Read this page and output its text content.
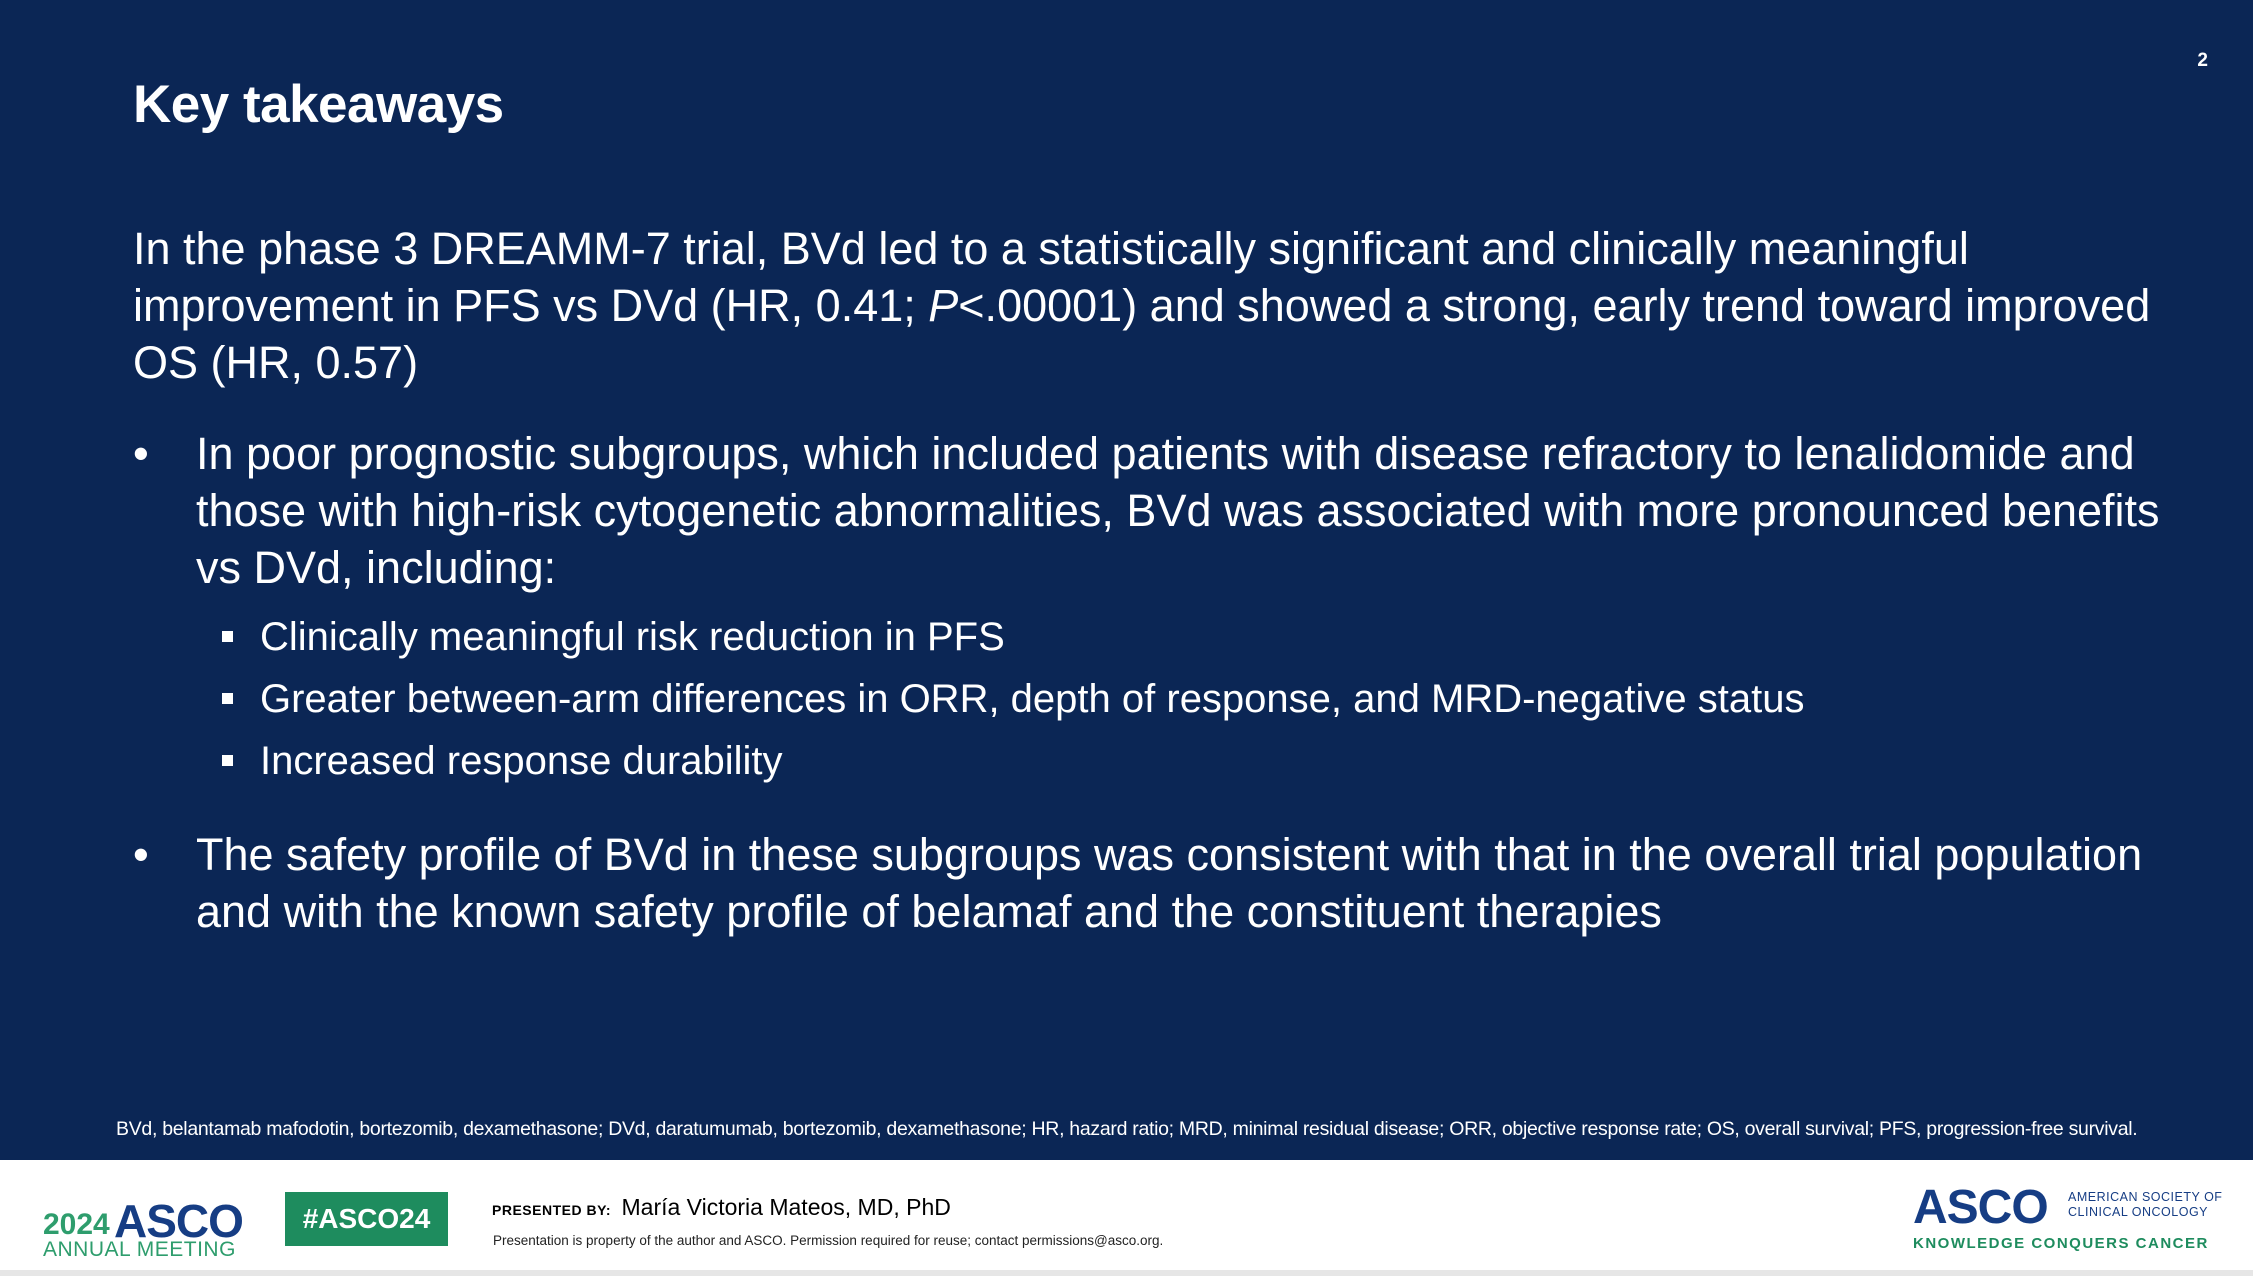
2
Key takeaways

In the phase 3 DREAMM-7 trial, BVd led to a statistically significant and clinically meaningful improvement in PFS vs DVd (HR, 0.41; P<.00001) and showed a strong, early trend toward improved OS (HR, 0.57)

• In poor prognostic subgroups, which included patients with disease refractory to lenalidomide and those with high-risk cytogenetic abnormalities, BVd was associated with more pronounced benefits vs DVd, including:
Clinically meaningful risk reduction in PFS
Greater between-arm differences in ORR, depth of response, and MRD-negative status
Increased response durability
• The safety profile of BVd in these subgroups was consistent with that in the overall trial population and with the known safety profile of belamaf and the constituent therapies
BVd, belantamab mafodotin, bortezomib, dexamethasone; DVd, daratumumab, bortezomib, dexamethasone; HR, hazard ratio; MRD, minimal residual disease; ORR, objective response rate; OS, overall survival; PFS, progression-free survival.
2024 ASCO
ANNUAL MEETING
#ASCO24	PRESENTED BY: María Victoria Mateos, MD, PhD
Presentation is property of the author and ASCO. Permission required for reuse; contact permissions@asco.org.
ASCO AMERICAN SOCIETY OF
CLINICAL ONCOLOGY
KNOWLEDGE CONQUERS CANCER
